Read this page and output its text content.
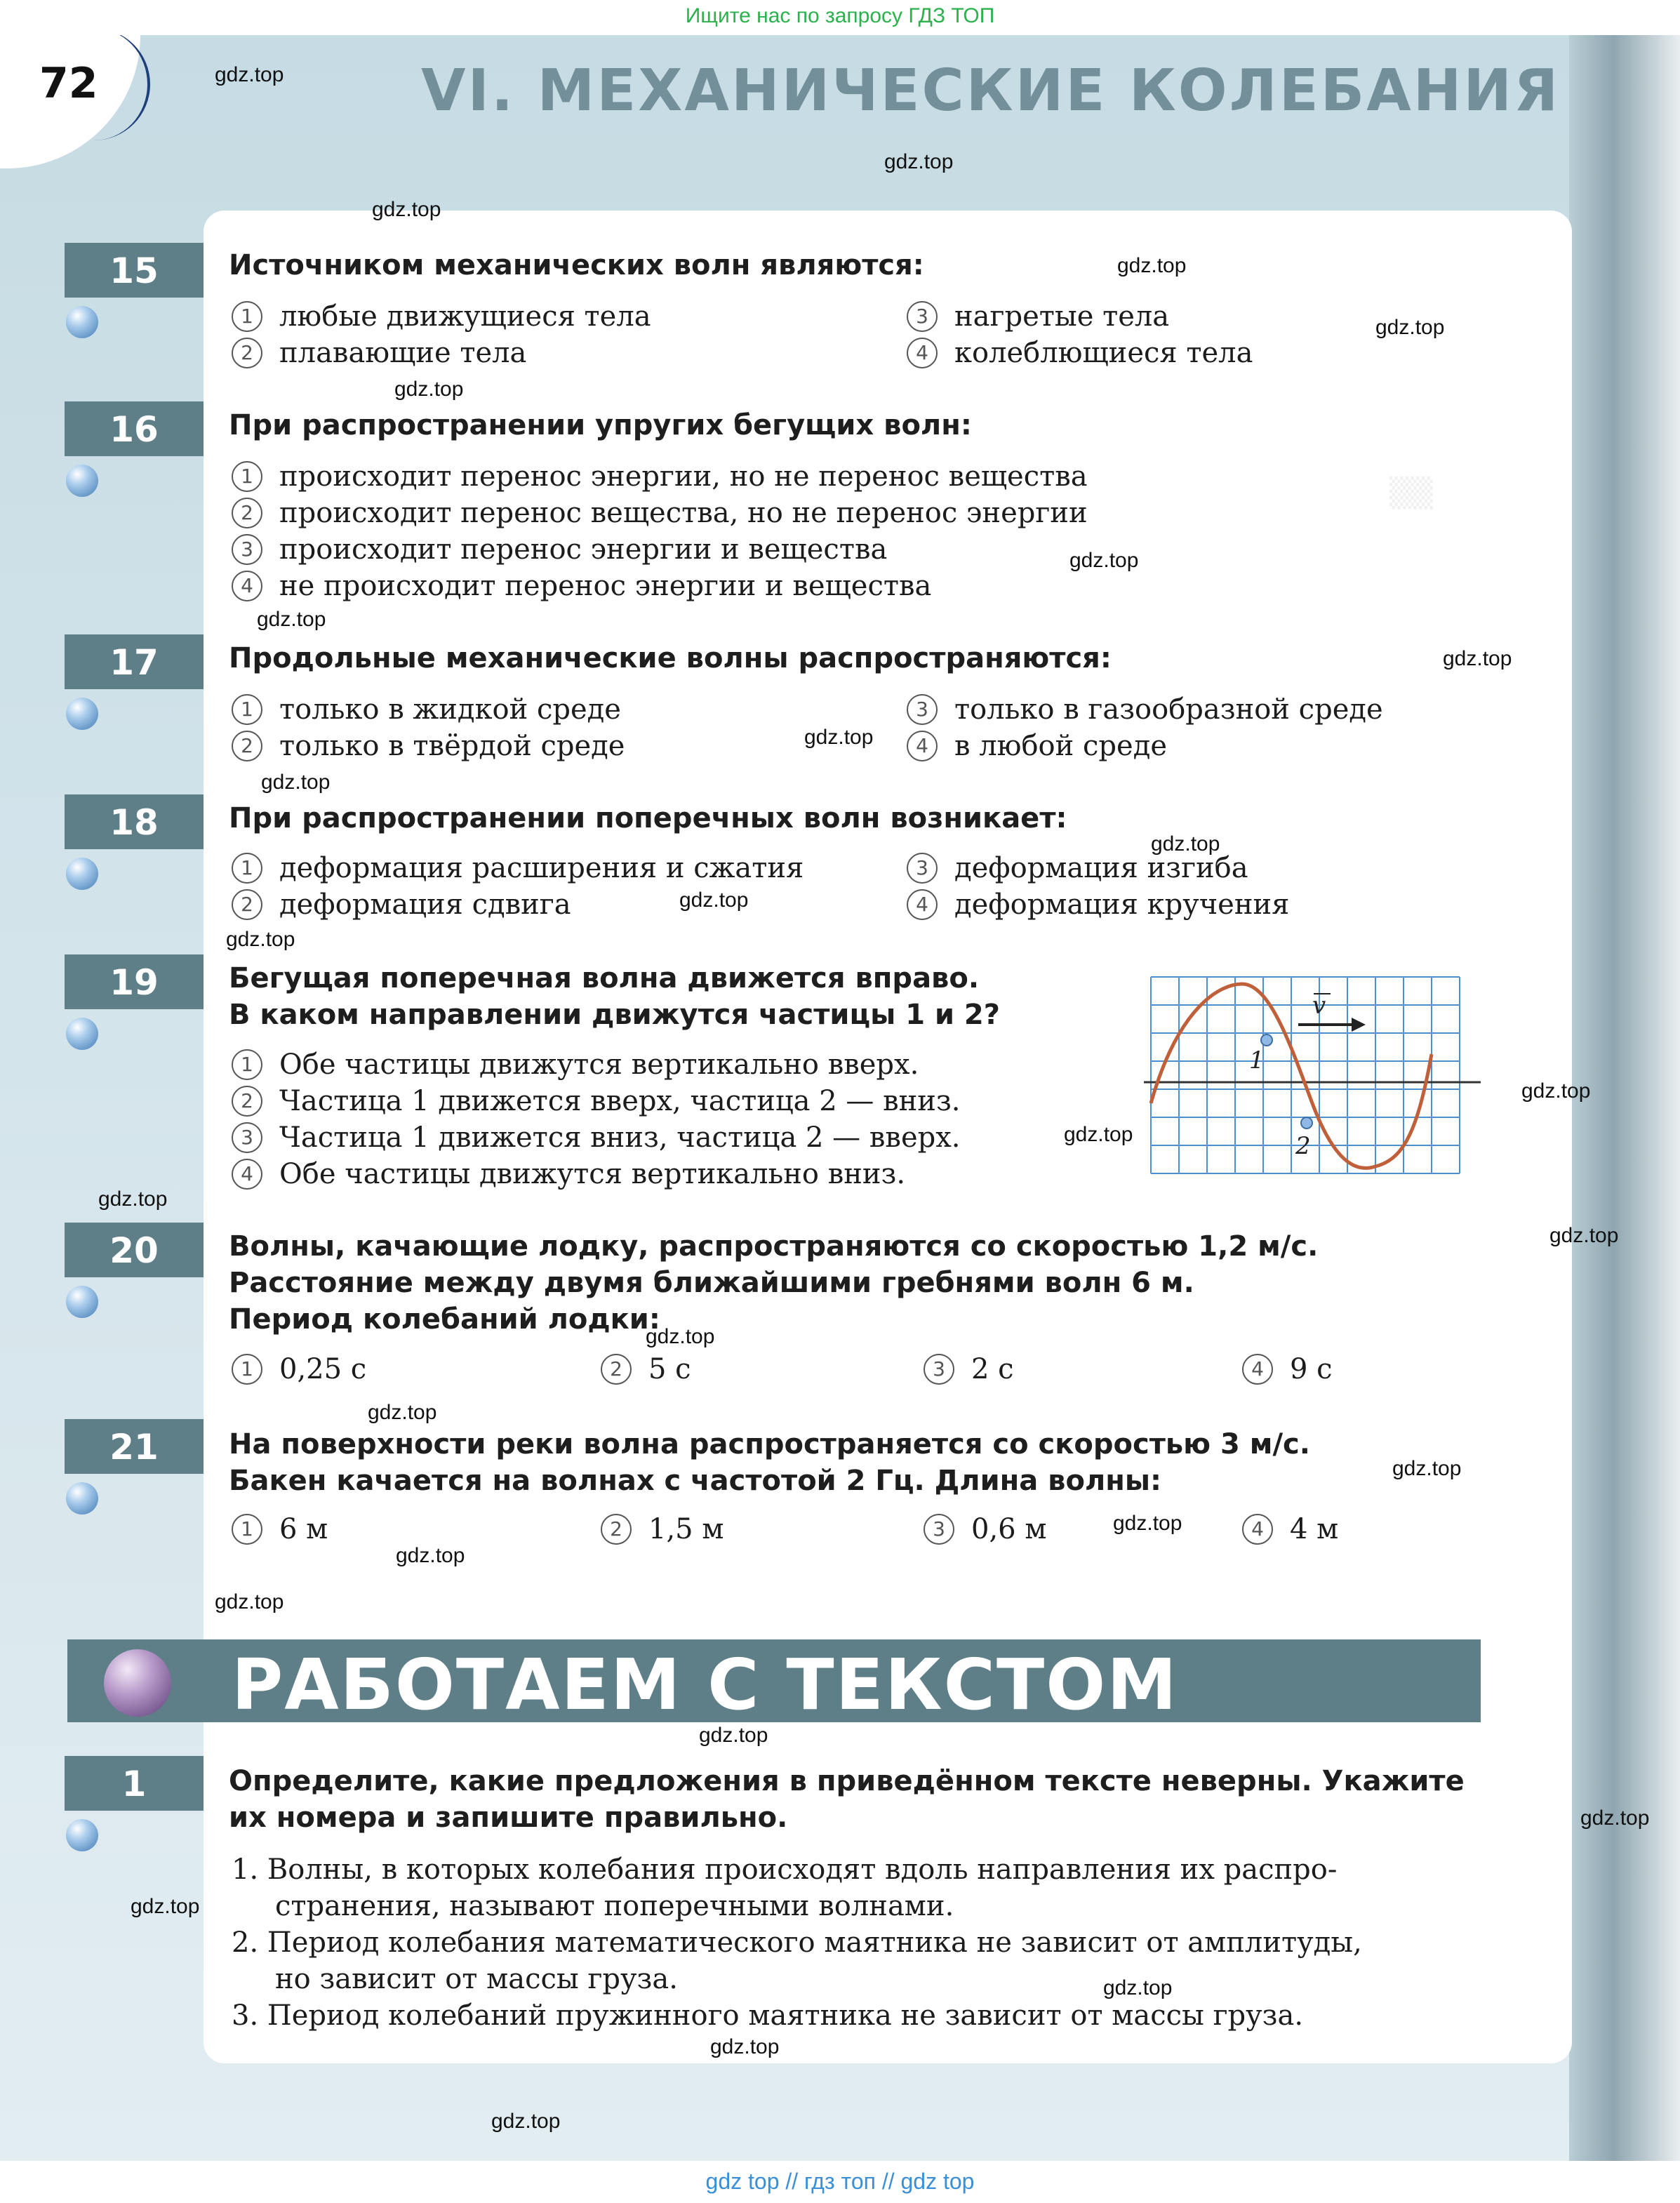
Ищите нас по запросу ГДЗ ТОП
72	VI. МЕХАНИЧЕСКИЕ КОЛЕБАНИЯ
▒▒
15	Источником механических волн являются:
1 любые движущиеся тела
2 плавающие тела
3 нагретые тела
4 колеблющиеся тела
16	При распространении упругих бегущих волн:
1 происходит перенос энергии, но не перенос вещества
2 происходит перенос вещества, но не перенос энергии
3 происходит перенос энергии и вещества
4 не происходит перенос энергии и вещества
17	Продольные механические волны распространяются:
1 только в жидкой среде
2 только в твёрдой среде
3 только в газообразной среде
4 в любой среде
18	При распространении поперечных волн возникает:
1 деформация расширения и сжатия
2 деформация сдвига
3 деформация изгиба
4 деформация кручения
19	Бегущая поперечная волна движется вправо.
В каком направлении движутся частицы 1 и 2?
1 Обе частицы движутся вертикально вверх.
2 Частица 1 движется вверх, частица 2 — вниз.
3 Частица 1 движется вниз, частица 2 — вверх.
4 Обе частицы движутся вертикально вниз.
1
2
v
20	Волны, качающие лодку, распространяются со скоростью 1,2 м/с.
Расстояние между двумя ближайшими гребнями волн 6 м.
Период колебаний лодки:
1 0,25 с	2 5 с	3 2 с	4 9 с
21	На поверхности реки волна распространяется со скоростью 3 м/с.
Бакен качается на волнах с частотой 2 Гц. Длина волны:
1 6 м	2 1,5 м	3 0,6 м	4 4 м
РАБОТАЕМ С ТЕКСТОМ
1	Определите, какие предложения в приведённом тексте неверны. Укажите
их номера и запишите правильно.
1. Волны, в которых колебания происходят вдоль направления их распро-
странения, называют поперечными волнами.
2. Период колебания математического маятника не зависит от амплитуды,
но зависит от массы груза.
3. Период колебаний пружинного маятника не зависит от массы груза.
gdz.top
gdz.top
gdz.top
gdz.top
gdz.top
gdz.top
gdz.top
gdz.top
gdz.top
gdz.top
gdz.top
gdz.top
gdz.top
gdz.top
gdz.top
gdz.top
gdz.top
gdz.top
gdz.top
gdz.top
gdz.top
gdz.top
gdz.top
gdz.top
gdz.top
gdz.top
gdz.top
gdz.top
gdz.top
gdz.top
gdz top // гдз топ // gdz top
